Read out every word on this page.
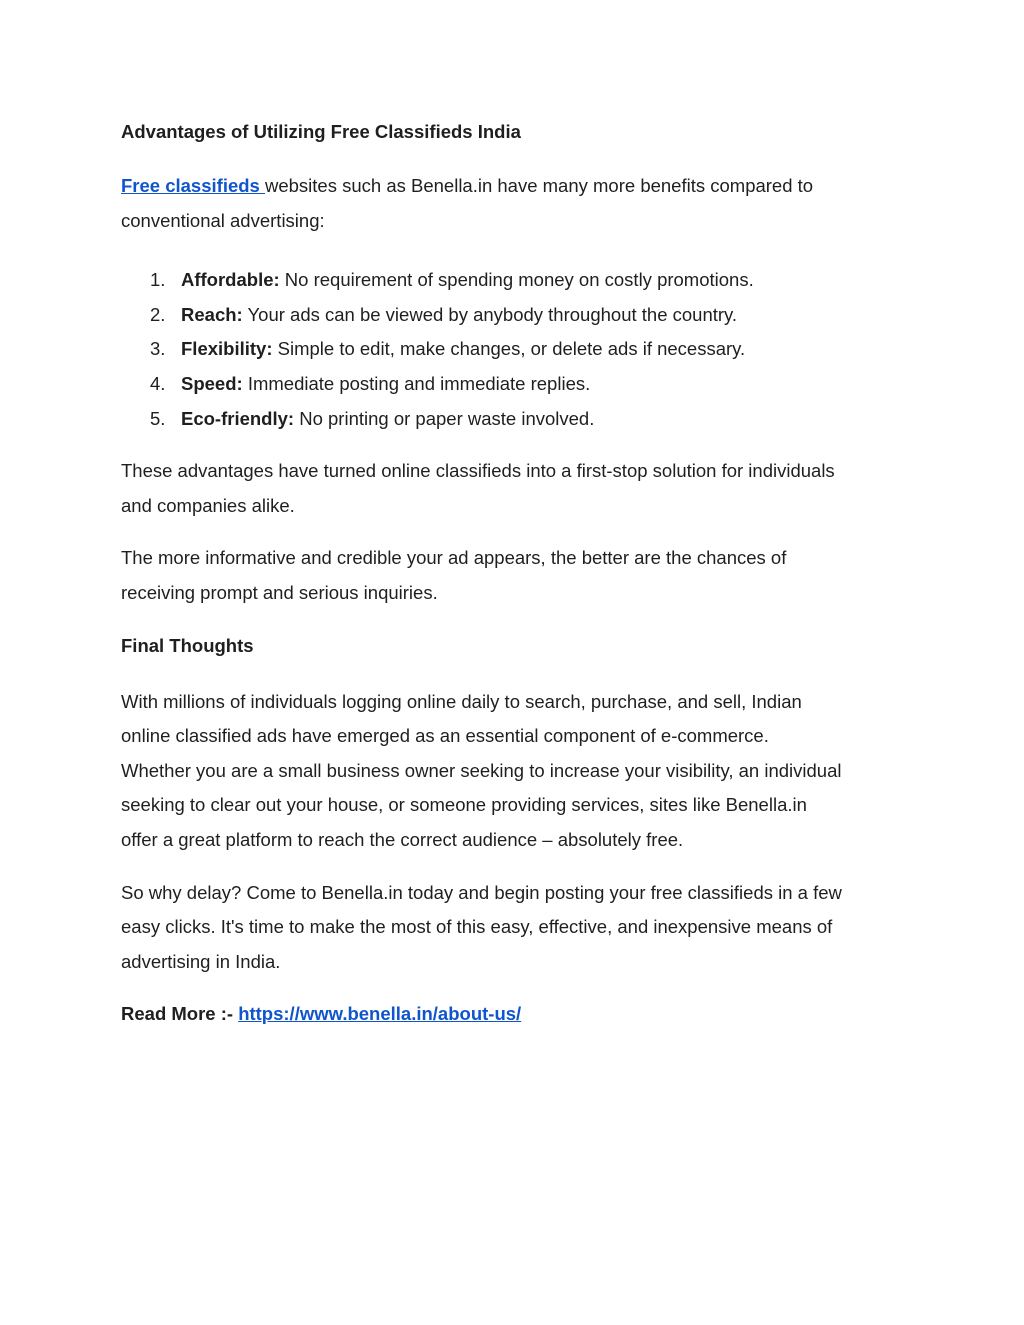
Advantages of Utilizing Free Classifieds India

Free classifieds websites such as Benella.in have many more benefits compared to
conventional advertising:

1. Affordable: No requirement of spending money on costly promotions.
2. Reach: Your ads can be viewed by anybody throughout the country.
3. Flexibility: Simple to edit, make changes, or delete ads if necessary.
4. Speed: Immediate posting and immediate replies.
5. Eco-friendly: No printing or paper waste involved.

These advantages have turned online classifieds into a first-stop solution for individuals
and companies alike.

The more informative and credible your ad appears, the better are the chances of
receiving prompt and serious inquiries.

Final Thoughts

With millions of individuals logging online daily to search, purchase, and sell, Indian
online classified ads have emerged as an essential component of e-commerce.
Whether you are a small business owner seeking to increase your visibility, an individual
seeking to clear out your house, or someone providing services, sites like Benella.in
offer a great platform to reach the correct audience – absolutely free.

So why delay? Come to Benella.in today and begin posting your free classifieds in a few
easy clicks. It's time to make the most of this easy, effective, and inexpensive means of
advertising in India.

Read More :- https://www.benella.in/about-us/
